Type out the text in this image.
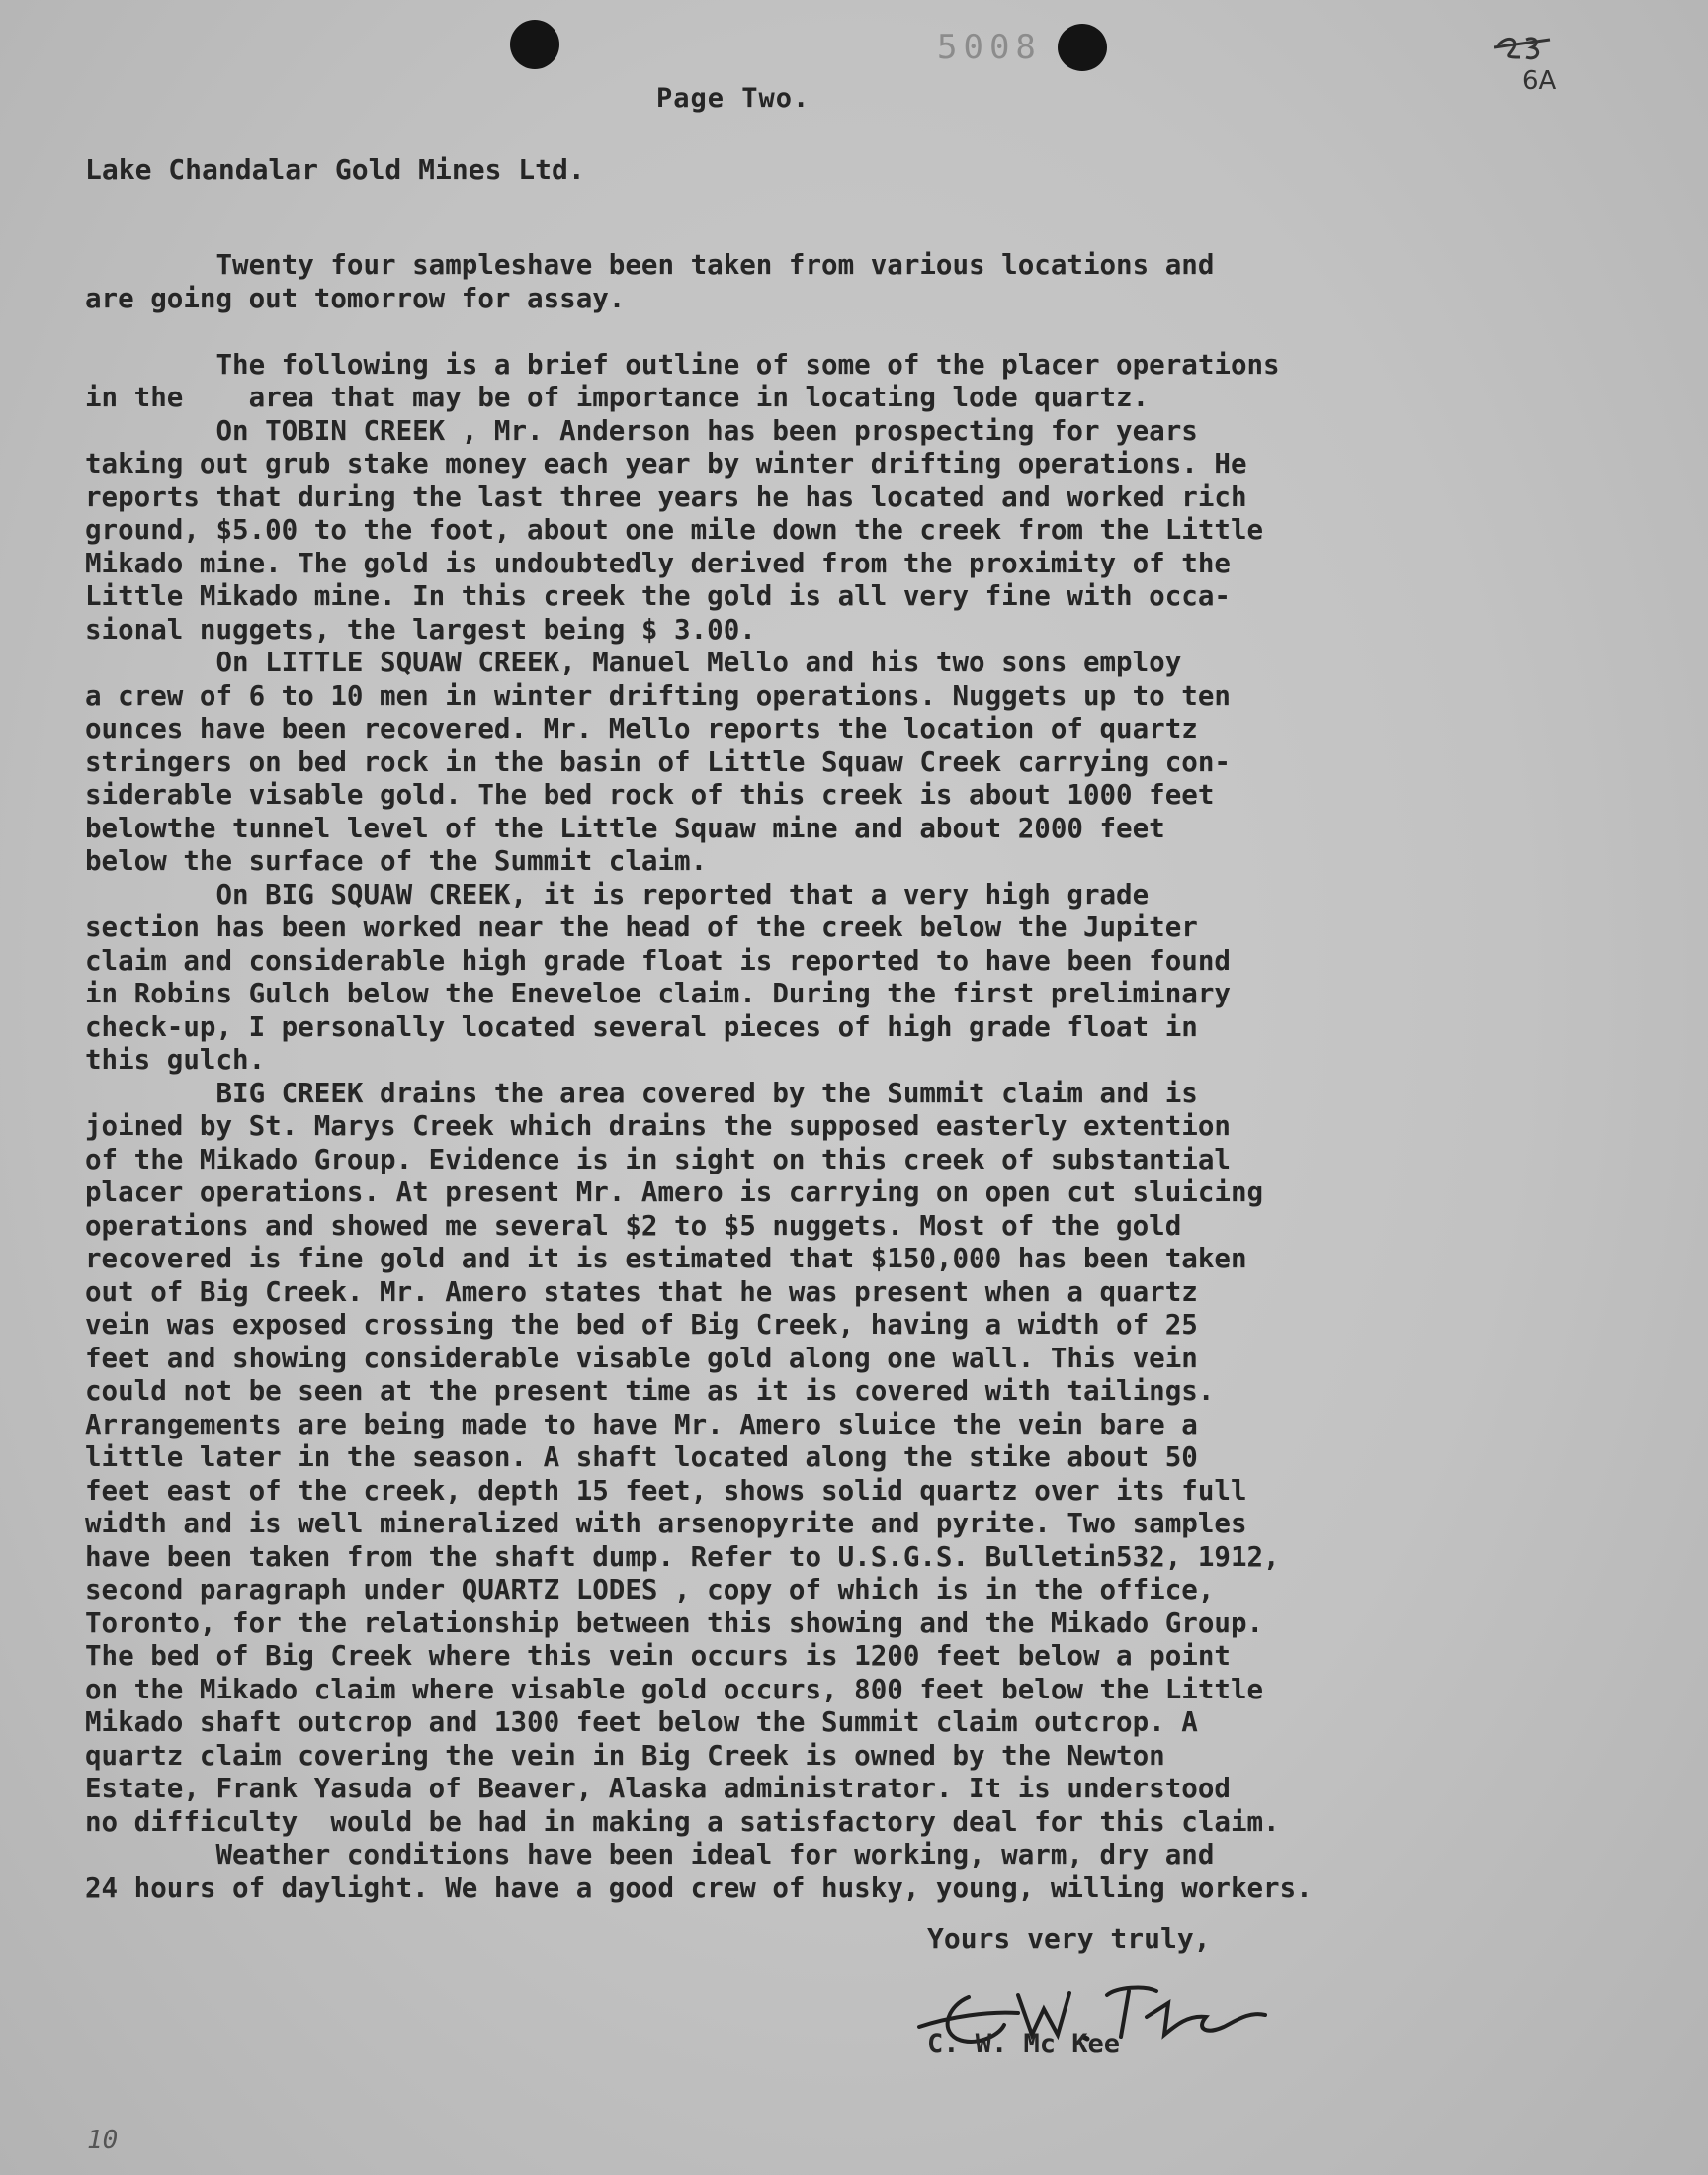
5008
6A
Page Two.
Lake Chandalar Gold Mines Ltd.
Twenty four sampleshave been taken from various locations and
are going out tomorrow for assay.

The following is a brief outline of some of the placer operations
in the    area that may be of importance in locating lode quartz.
On TOBIN CREEK , Mr. Anderson has been prospecting for years
taking out grub stake money each year by winter drifting operations. He
reports that during the last three years he has located and worked rich
ground, $5.00 to the foot, about one mile down the creek from the Little
Mikado mine. The gold is undoubtedly derived from the proximity of the
Little Mikado mine. In this creek the gold is all very fine with occa-
sional nuggets, the largest being $ 3.00.
On LITTLE SQUAW CREEK, Manuel Mello and his two sons employ
a crew of 6 to 10 men in winter drifting operations. Nuggets up to ten
ounces have been recovered. Mr. Mello reports the location of quartz
stringers on bed rock in the basin of Little Squaw Creek carrying con-
siderable visable gold. The bed rock of this creek is about 1000 feet
belowthe tunnel level of the Little Squaw mine and about 2000 feet
below the surface of the Summit claim.
On BIG SQUAW CREEK, it is reported that a very high grade
section has been worked near the head of the creek below the Jupiter
claim and considerable high grade float is reported to have been found
in Robins Gulch below the Eneveloe claim. During the first preliminary
check-up, I personally located several pieces of high grade float in
this gulch.
BIG CREEK drains the area covered by the Summit claim and is
joined by St. Marys Creek which drains the supposed easterly extention
of the Mikado Group. Evidence is in sight on this creek of substantial
placer operations. At present Mr. Amero is carrying on open cut sluicing
operations and showed me several $2 to $5 nuggets. Most of the gold
recovered is fine gold and it is estimated that $150,000 has been taken
out of Big Creek. Mr. Amero states that he was present when a quartz
vein was exposed crossing the bed of Big Creek, having a width of 25
feet and showing considerable visable gold along one wall. This vein
could not be seen at the present time as it is covered with tailings.
Arrangements are being made to have Mr. Amero sluice the vein bare a
little later in the season. A shaft located along the stike about 50
feet east of the creek, depth 15 feet, shows solid quartz over its full
width and is well mineralized with arsenopyrite and pyrite. Two samples
have been taken from the shaft dump. Refer to U.S.G.S. Bulletin532, 1912,
second paragraph under QUARTZ LODES , copy of which is in the office,
Toronto, for the relationship between this showing and the Mikado Group.
The bed of Big Creek where this vein occurs is 1200 feet below a point
on the Mikado claim where visable gold occurs, 800 feet below the Little
Mikado shaft outcrop and 1300 feet below the Summit claim outcrop. A
quartz claim covering the vein in Big Creek is owned by the Newton
Estate, Frank Yasuda of Beaver, Alaska administrator. It is understood
no difficulty  would be had in making a satisfactory deal for this claim.
Weather conditions have been ideal for working, warm, dry and
24 hours of daylight. We have a good crew of husky, young, willing workers.
Yours very truly,
C. W. Mc Kee
10
